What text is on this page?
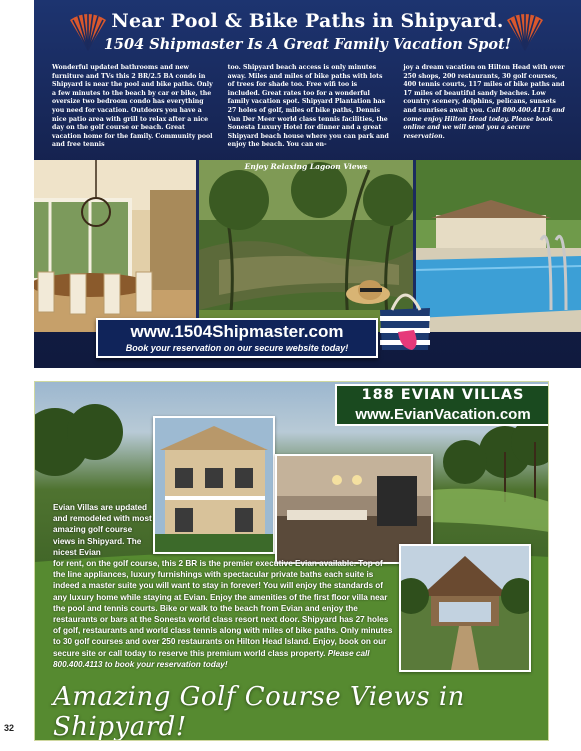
Near Pool & Bike Paths in Shipyard.
1504 Shipmaster Is A Great Family Vacation Spot!

Wonderful updated bathrooms and new furniture and TVs this 2 BR/2.5 BA condo in Shipyard is near the pool and bike paths. Only a few minutes to the beach by car or bike, the oversize two bedroom condo has everything you need for vacation. Outdoors you have a nice patio area with grill to relax after a nice day on the golf course or beach. Great vacation home for the family. Community pool and free tennis

too. Shipyard beach access is only minutes away. Miles and miles of bike paths with lots of trees for shade too. Free wifi too is included. Great rates too for a wonderful family vacation spot. Shipyard Plantation has 27 holes of golf, miles of bike paths, Dennis Van Der Meer world class tennis facilities, the Sonesta Luxury Hotel for dinner and a great Shipyard beach house where you can park and enjoy the beach. You can en-

joy a dream vacation on Hilton Head with over 250 shops, 200 restaurants, 30 golf courses, 400 tennis courts, 117 miles of bike paths and 17 miles of beautiful sandy beaches. Low country scenery, dolphins, pelicans, sunsets and sunrises await you. Call 800.400.4113 and come enjoy Hilton Head today. Please book online and we will send you a secure reservation.

Enjoy Relaxing Lagoon Views
www.1504Shipmaster.com
Book your reservation on our secure website today!
188 EVIAN VILLAS
www.EvianVacation.com
Evian Villas are updated and remodeled with most amazing golf course views in Shipyard. The nicest Evian
for rent, on the golf course, this 2 BR is the premier executive Evian available. Top of the line appliances, luxury furnishings with spectacular private baths each suite is indeed a master suite you will want to stay in forever! You will enjoy the standards of any luxury home while staying at Evian. Enjoy the amenities of the first floor villa near the pool and tennis courts. Bike or walk to the beach from Evian and enjoy the restaurants or bars at the Sonesta world class resort next door. Shipyard has 27 holes of golf, restaurants and world class tennis along with miles of bike paths. Only minutes to 30 golf courses and over 250 restaurants on Hilton Head Island. Enjoy, book on our secure site or call today to reserve this premium world class property. Please call 800.400.4113 to book your reservation today!
Amazing Golf Course Views in Shipyard!
32
